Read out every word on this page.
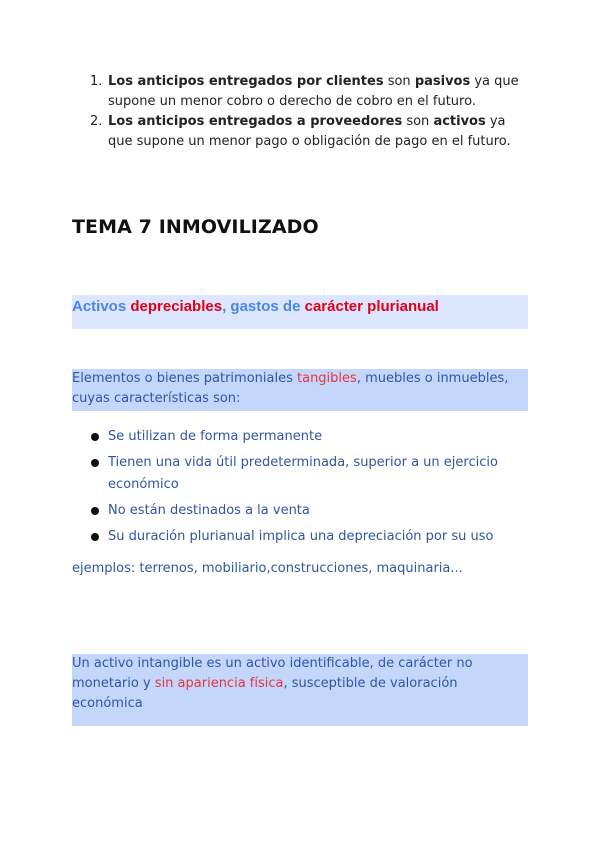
1. Los anticipos entregados por clientes son pasivos ya que supone un menor cobro o derecho de cobro en el futuro.
2. Los anticipos entregados a proveedores son activos ya que supone un menor pago o obligación de pago en el futuro.
TEMA 7 INMOVILIZADO
Activos depreciables, gastos de carácter plurianual
Elementos o bienes patrimoniales tangibles, muebles o inmuebles, cuyas características son:
Se utilizan de forma permanente
Tienen una vida útil predeterminada, superior a un ejercicio económico
No están destinados a la venta
Su duración plurianual implica una depreciación por su uso
ejemplos: terrenos, mobiliario,construcciones, maquinaria...
Un activo intangible es un activo identificable, de carácter no monetario y sin apariencia física, susceptible de valoración económica
